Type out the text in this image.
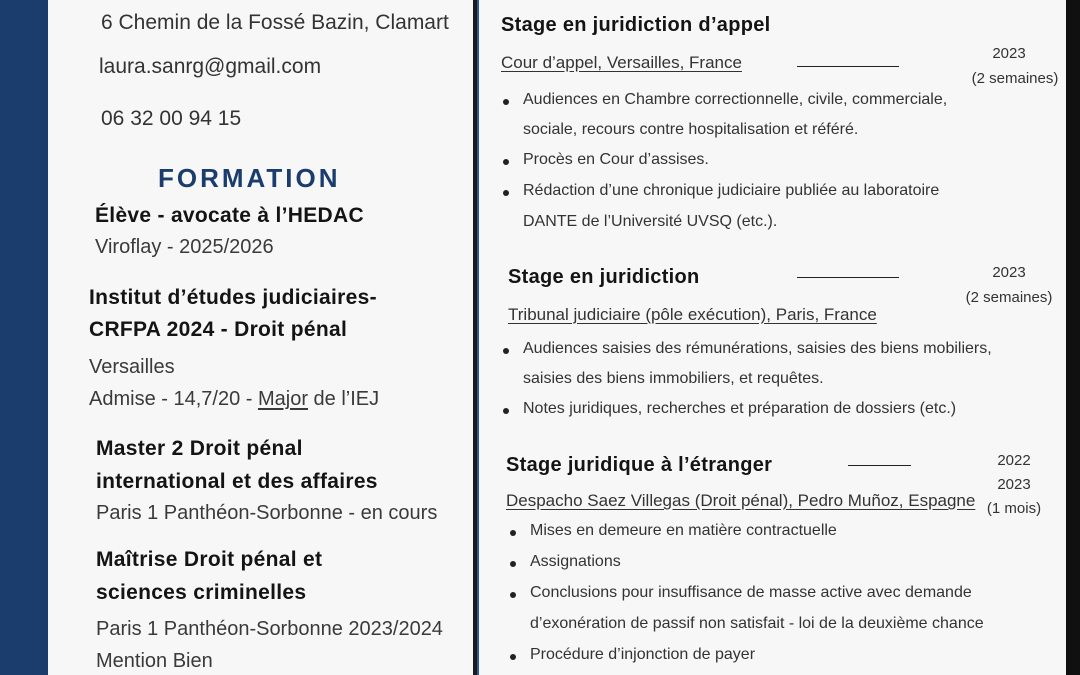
6 Chemin de la Fossé Bazin, Clamart
laura.sanrg@gmail.com
06 32 00 94 15
FORMATION
Élève - avocate à l’HEDAC
Viroflay - 2025/2026
Institut d’études judiciaires-
CRFPA 2024 - Droit pénal
Versailles
Admise - 14,7/20 - Major de l’IEJ
Master 2 Droit pénal
international et des affaires
Paris 1 Panthéon-Sorbonne - en cours
Maîtrise Droit pénal et
sciences criminelles
Paris 1 Panthéon-Sorbonne 2023/2024
Mention Bien
Stage en juridiction d’appel
Cour d’appel, Versailles, France	2023
(2 semaines)
Audiences en Chambre correctionnelle, civile, commerciale,
sociale, recours contre hospitalisation et référé.
Procès en Cour d’assises.
Rédaction d’une chronique judiciaire publiée au laboratoire
DANTE de l’Université UVSQ (etc.).
Stage en juridiction	2023
(2 semaines)
Tribunal judiciaire (pôle exécution), Paris, France
Audiences saisies des rémunérations, saisies des biens mobiliers,
saisies des biens immobiliers, et requêtes.
Notes juridiques, recherches et préparation de dossiers (etc.)
Stage juridique à l’étranger	2022
2023
(1 mois)
Despacho Saez Villegas (Droit pénal), Pedro Muñoz, Espagne
Mises en demeure en matière contractuelle
Assignations
Conclusions pour insuffisance de masse active avec demande
d’exonération de passif non satisfait - loi de la deuxième chance
Procédure d’injonction de payer
